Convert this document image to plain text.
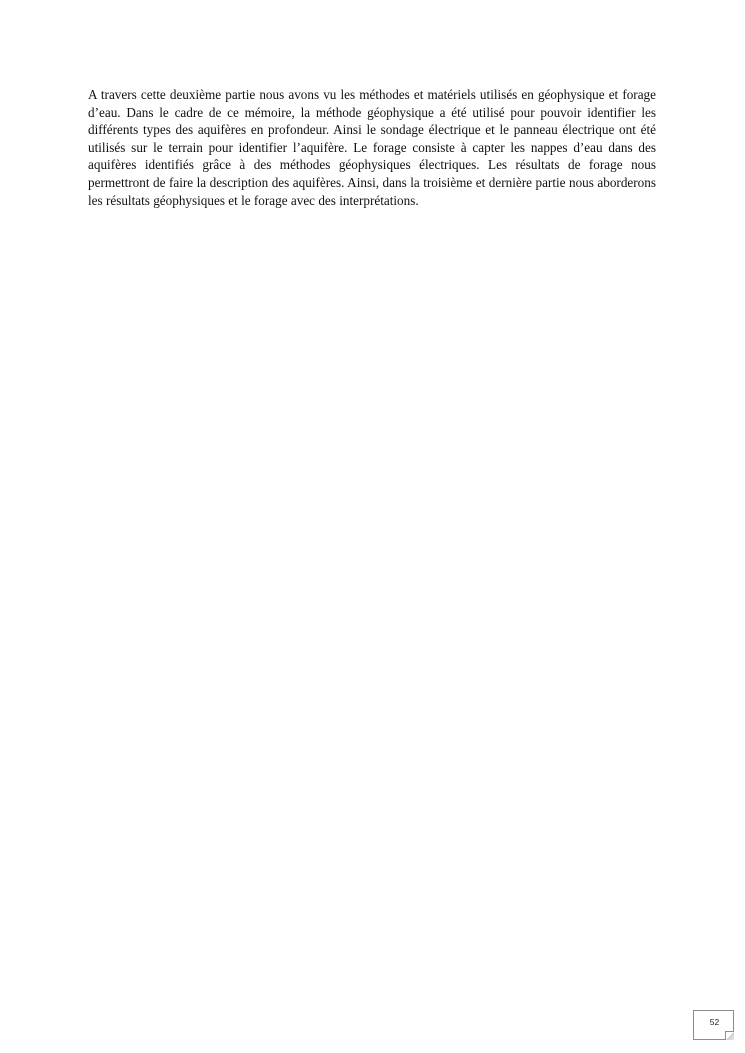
A travers cette deuxième partie nous avons vu les méthodes et matériels utilisés en géophysique et forage d’eau. Dans le cadre de ce mémoire, la méthode géophysique a été utilisé pour pouvoir identifier les différents types des aquifères en profondeur. Ainsi le sondage électrique et le panneau électrique ont été utilisés sur le terrain pour identifier l’aquifère. Le forage consiste à capter les nappes d’eau dans des aquifères identifiés grâce à des méthodes géophysiques électriques. Les résultats de forage nous permettront de faire la description des aquifères. Ainsi, dans la troisième et dernière partie nous aborderons les résultats géophysiques et le forage avec des interprétations.

52
